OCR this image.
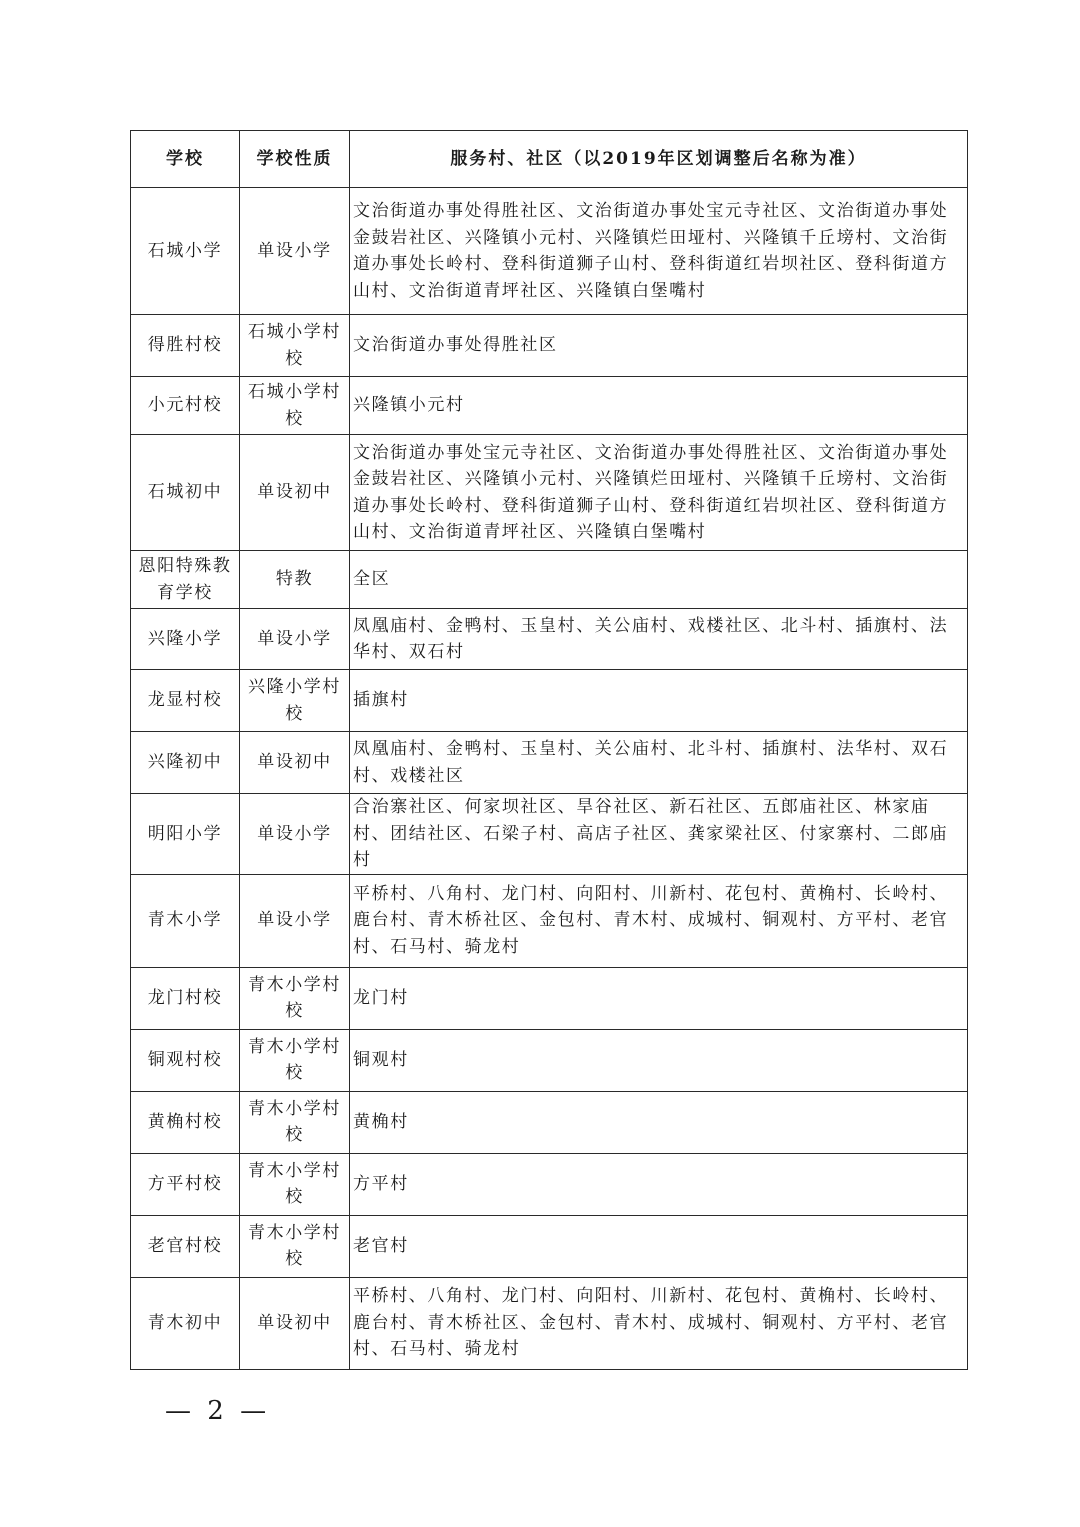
学校	学校性质	服务村、社区（以2019年区划调整后名称为准）
石城小学	单设小学	文治街道办事处得胜社区、文治街道办事处宝元寺社区、文治街道办事处金鼓岩社区、兴隆镇小元村、兴隆镇烂田垭村、兴隆镇千丘塝村、文治街道办事处长岭村、登科街道狮子山村、登科街道红岩坝社区、登科街道方山村、文治街道青坪社区、兴隆镇白堡嘴村
得胜村校	石城小学村校	文治街道办事处得胜社区
小元村校	石城小学村校	兴隆镇小元村
石城初中	单设初中	文治街道办事处宝元寺社区、文治街道办事处得胜社区、文治街道办事处金鼓岩社区、兴隆镇小元村、兴隆镇烂田垭村、兴隆镇千丘塝村、文治街道办事处长岭村、登科街道狮子山村、登科街道红岩坝社区、登科街道方山村、文治街道青坪社区、兴隆镇白堡嘴村
恩阳特殊教育学校	特教	全区
兴隆小学	单设小学	凤凰庙村、金鸭村、玉皇村、关公庙村、戏楼社区、北斗村、插旗村、法华村、双石村
龙显村校	兴隆小学村校	插旗村
兴隆初中	单设初中	凤凰庙村、金鸭村、玉皇村、关公庙村、北斗村、插旗村、法华村、双石村、戏楼社区
明阳小学	单设小学	合治寨社区、何家坝社区、旱谷社区、新石社区、五郎庙社区、林家庙村、团结社区、石梁子村、高店子社区、龚家梁社区、付家寨村、二郎庙村
青木小学	单设小学	平桥村、八角村、龙门村、向阳村、川新村、花包村、黄桷村、长岭村、鹿台村、青木桥社区、金包村、青木村、成城村、铜观村、方平村、老官村、石马村、骑龙村
龙门村校	青木小学村校	龙门村
铜观村校	青木小学村校	铜观村
黄桷村校	青木小学村校	黄桷村
方平村校	青木小学村校	方平村
老官村校	青木小学村校	老官村
青木初中	单设初中	平桥村、八角村、龙门村、向阳村、川新村、花包村、黄桷村、长岭村、鹿台村、青木桥社区、金包村、青木村、成城村、铜观村、方平村、老官村、石马村、骑龙村
— 2 —
